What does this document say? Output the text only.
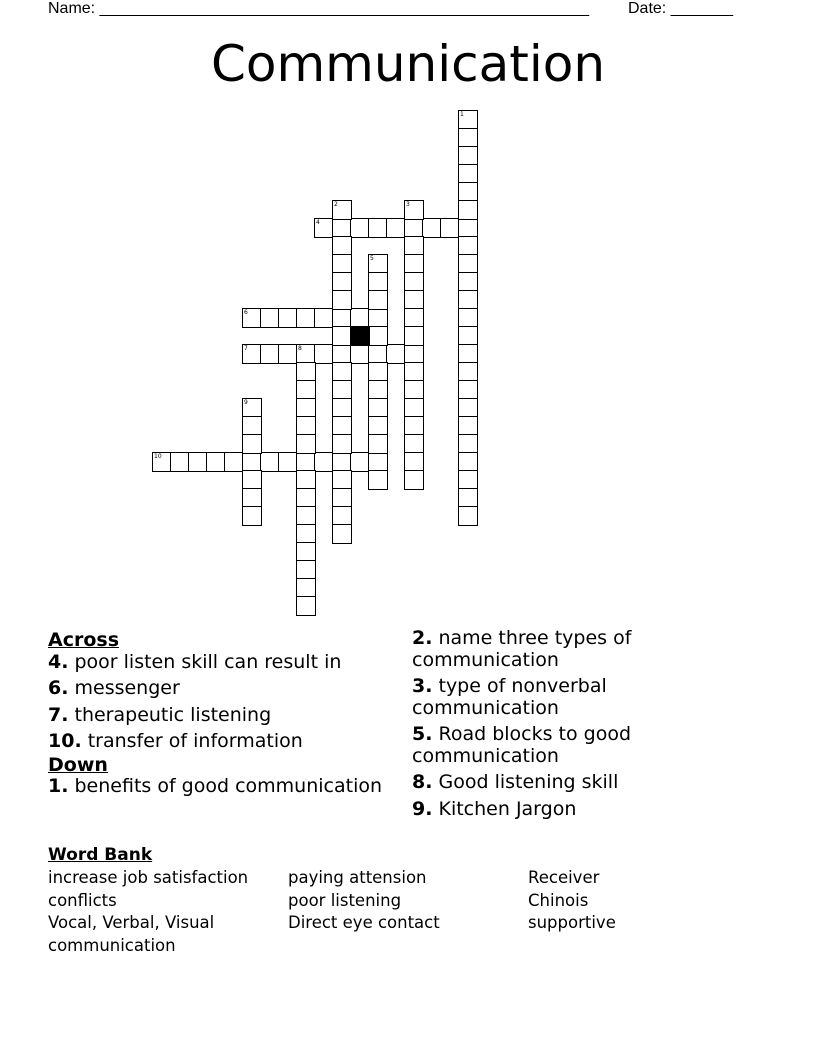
Name: _______________________________________________________ Date: _______
Communication
4
6
7	8
10
1
2	3
5
9
Across
4. poor listen skill can result in
6. messenger
7. therapeutic listening
10. transfer of information
Down
1. benefits of good communication
2. name three types of communication
3. type of nonverbal communication
5. Road blocks to good communication
8. Good listening skill
9. Kitchen Jargon
Word Bank
increase job satisfaction
conflicts
Vocal, Verbal, Visual
communication
paying attension
poor listening
Direct eye contact
Receiver
Chinois
supportive
